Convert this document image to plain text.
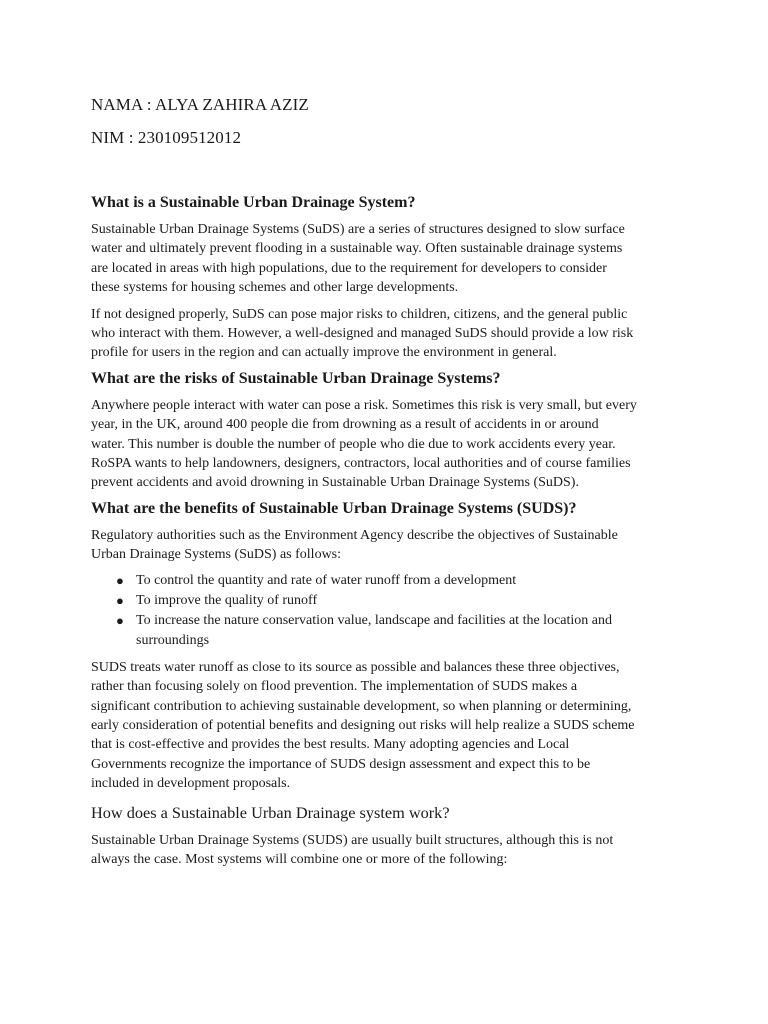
NAMA : ALYA ZAHIRA AZIZ
NIM : 230109512012
What is a Sustainable Urban Drainage System?

Sustainable Urban Drainage Systems (SuDS) are a series of structures designed to slow surface
water and ultimately prevent flooding in a sustainable way. Often sustainable drainage systems
are located in areas with high populations, due to the requirement for developers to consider
these systems for housing schemes and other large developments.

If not designed properly, SuDS can pose major risks to children, citizens, and the general public
who interact with them. However, a well-designed and managed SuDS should provide a low risk
profile for users in the region and can actually improve the environment in general.

What are the risks of Sustainable Urban Drainage Systems?

Anywhere people interact with water can pose a risk. Sometimes this risk is very small, but every
year, in the UK, around 400 people die from drowning as a result of accidents in or around
water. This number is double the number of people who die due to work accidents every year.
RoSPA wants to help landowners, designers, contractors, local authorities and of course families
prevent accidents and avoid drowning in Sustainable Urban Drainage Systems (SuDS).

What are the benefits of Sustainable Urban Drainage Systems (SUDS)?

Regulatory authorities such as the Environment Agency describe the objectives of Sustainable
Urban Drainage Systems (SuDS) as follows:

● To control the quantity and rate of water runoff from a development
● To improve the quality of runoff
● To increase the nature conservation value, landscape and facilities at the location and
surroundings

SUDS treats water runoff as close to its source as possible and balances these three objectives,
rather than focusing solely on flood prevention. The implementation of SUDS makes a
significant contribution to achieving sustainable development, so when planning or determining,
early consideration of potential benefits and designing out risks will help realize a SUDS scheme
that is cost-effective and provides the best results. Many adopting agencies and Local
Governments recognize the importance of SUDS design assessment and expect this to be
included in development proposals.

How does a Sustainable Urban Drainage system work?

Sustainable Urban Drainage Systems (SUDS) are usually built structures, although this is not
always the case. Most systems will combine one or more of the following:
